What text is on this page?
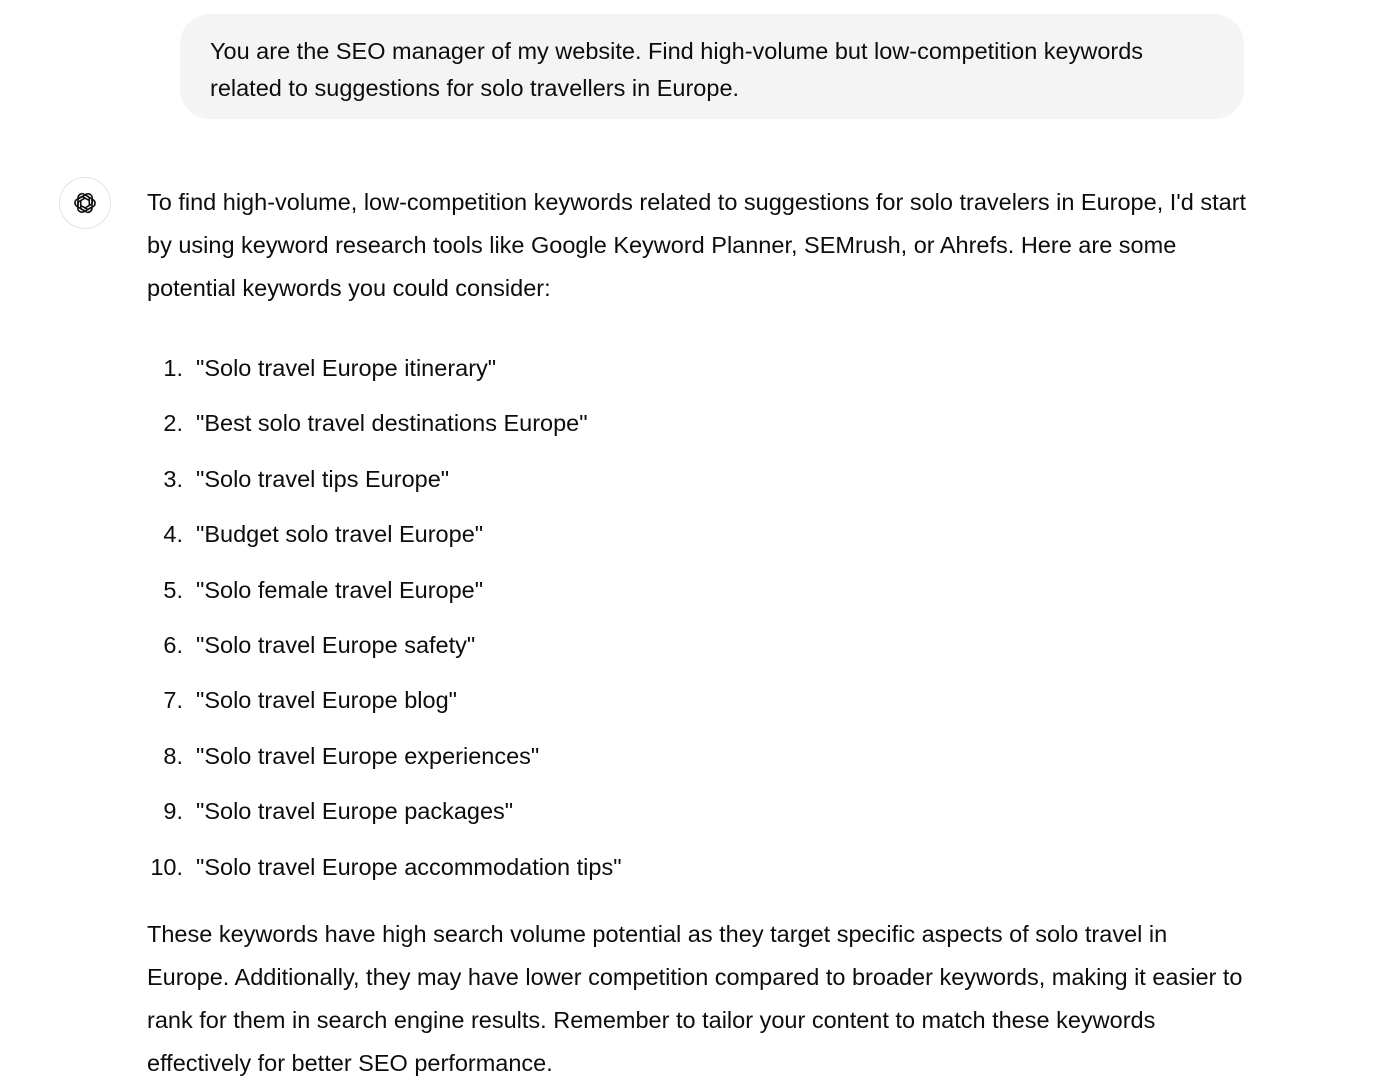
You are the SEO manager of my website. Find high-volume but low-competition keywords related to suggestions for solo travellers in Europe.

To find high-volume, low-competition keywords related to suggestions for solo travelers in Europe, I'd start by using keyword research tools like Google Keyword Planner, SEMrush, or Ahrefs. Here are some potential keywords you could consider:

1. "Solo travel Europe itinerary"
2. "Best solo travel destinations Europe"
3. "Solo travel tips Europe"
4. "Budget solo travel Europe"
5. "Solo female travel Europe"
6. "Solo travel Europe safety"
7. "Solo travel Europe blog"
8. "Solo travel Europe experiences"
9. "Solo travel Europe packages"
10. "Solo travel Europe accommodation tips"

These keywords have high search volume potential as they target specific aspects of solo travel in Europe. Additionally, they may have lower competition compared to broader keywords, making it easier to rank for them in search engine results. Remember to tailor your content to match these keywords effectively for better SEO performance.
